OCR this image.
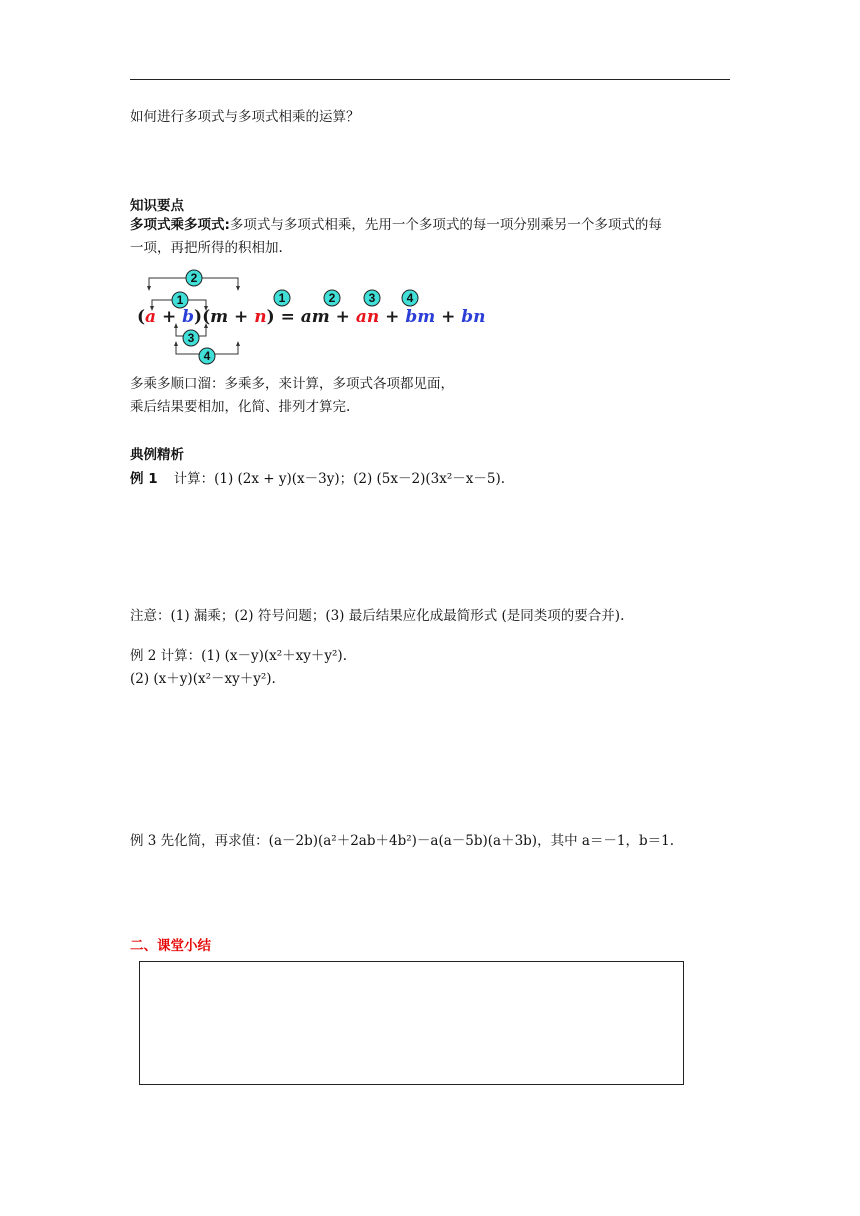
如何进行多项式与多项式相乘的运算？
知识要点
多项式乘多项式:多项式与多项式相乘，先用一个多项式的每一项分别乘另一个多项式的每
一项，再把所得的积相加.
2
1
3
4
1	2	3	4
(a + b)(m + n) = am + an + bm + bn
多乘多顺口溜：多乘多，来计算，多项式各项都见面，
乘后结果要相加，化简、排列才算完.
典例精析
例 1 计算：(1) (2x + y)(x－3y)；(2) (5x－2)(3x²－x－5).
注意：(1) 漏乘；(2) 符号问题；(3) 最后结果应化成最简形式 (是同类项的要合并).
例 2 计算：(1) (x－y)(x²＋xy＋y²).
(2) (x＋y)(x²－xy＋y²).
例 3 先化简，再求值：(a－2b)(a²＋2ab＋4b²)－a(a－5b)(a＋3b)，其中 a＝－1，b＝1.
二、课堂小结
